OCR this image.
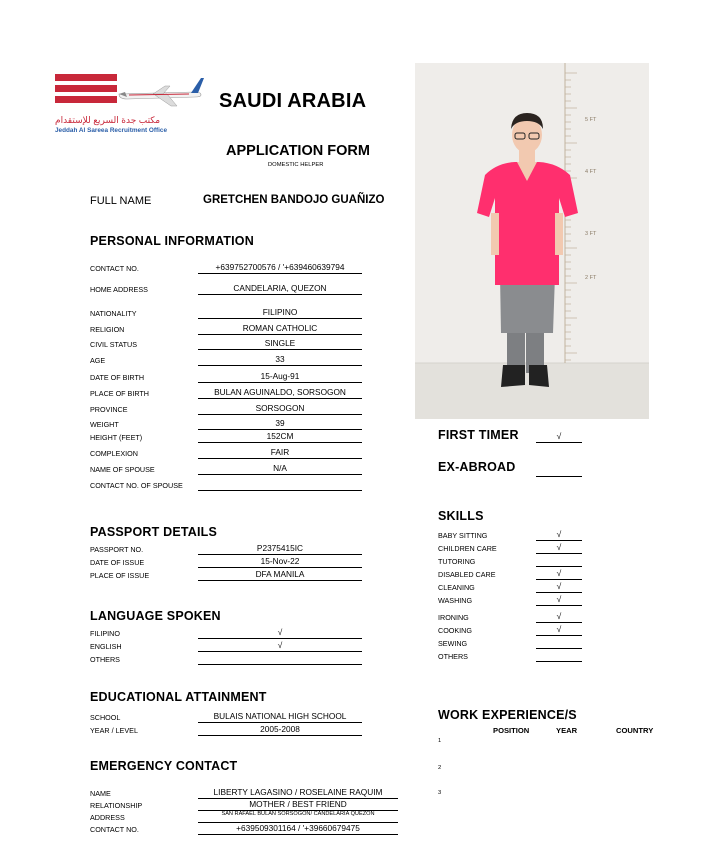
مكتب جدة السريع للإستقدام
Jeddah Al Sareea Recruitment Office
SAUDI ARABIA
APPLICATION FORM
DOMESTIC HELPER
FULL NAME	GRETCHEN BANDOJO GUAÑIZO
PERSONAL INFORMATION
CONTACT NO.	+639752700576 / '+639460639794
HOME ADDRESS	CANDELARIA, QUEZON
NATIONALITY	FILIPINO
RELIGION	ROMAN CATHOLIC
CIVIL STATUS	SINGLE
AGE	33
DATE OF BIRTH	15-Aug-91
PLACE OF BIRTH	BULAN AGUINALDO, SORSOGON
PROVINCE	SORSOGON
WEIGHT	39
HEIGHT (FEET)	152CM
COMPLEXION	FAIR
NAME OF SPOUSE	N/A
CONTACT NO. OF SPOUSE
PASSPORT DETAILS
PASSPORT NO.	P2375415IC
DATE OF ISSUE	15-Nov-22
PLACE OF ISSUE	DFA MANILA
LANGUAGE SPOKEN
FILIPINO	√
ENGLISH	√
OTHERS
EDUCATIONAL ATTAINMENT
SCHOOL	BULAIS NATIONAL HIGH SCHOOL
YEAR / LEVEL	2005-2008
EMERGENCY CONTACT
NAME	LIBERTY LAGASINO / ROSELAINE RAQUIM
RELATIONSHIP	MOTHER / BEST FRIEND
ADDRESS	SAN RAFAEL BULAN SORSOGON/ CANDELARIA QUEZON
CONTACT NO.	+639509301164 / '+39660679475
5 FT
4 FT
3 FT
2 FT
FIRST TIMER	√
EX-ABROAD
SKILLS
BABY SITTING	√
CHILDREN CARE	√
TUTORING
DISABLED CARE	√
CLEANING	√
WASHING	√
IRONING	√
COOKING	√
SEWING
OTHERS
WORK EXPERIENCE/S
POSITION	YEAR	COUNTRY
1
2
3
